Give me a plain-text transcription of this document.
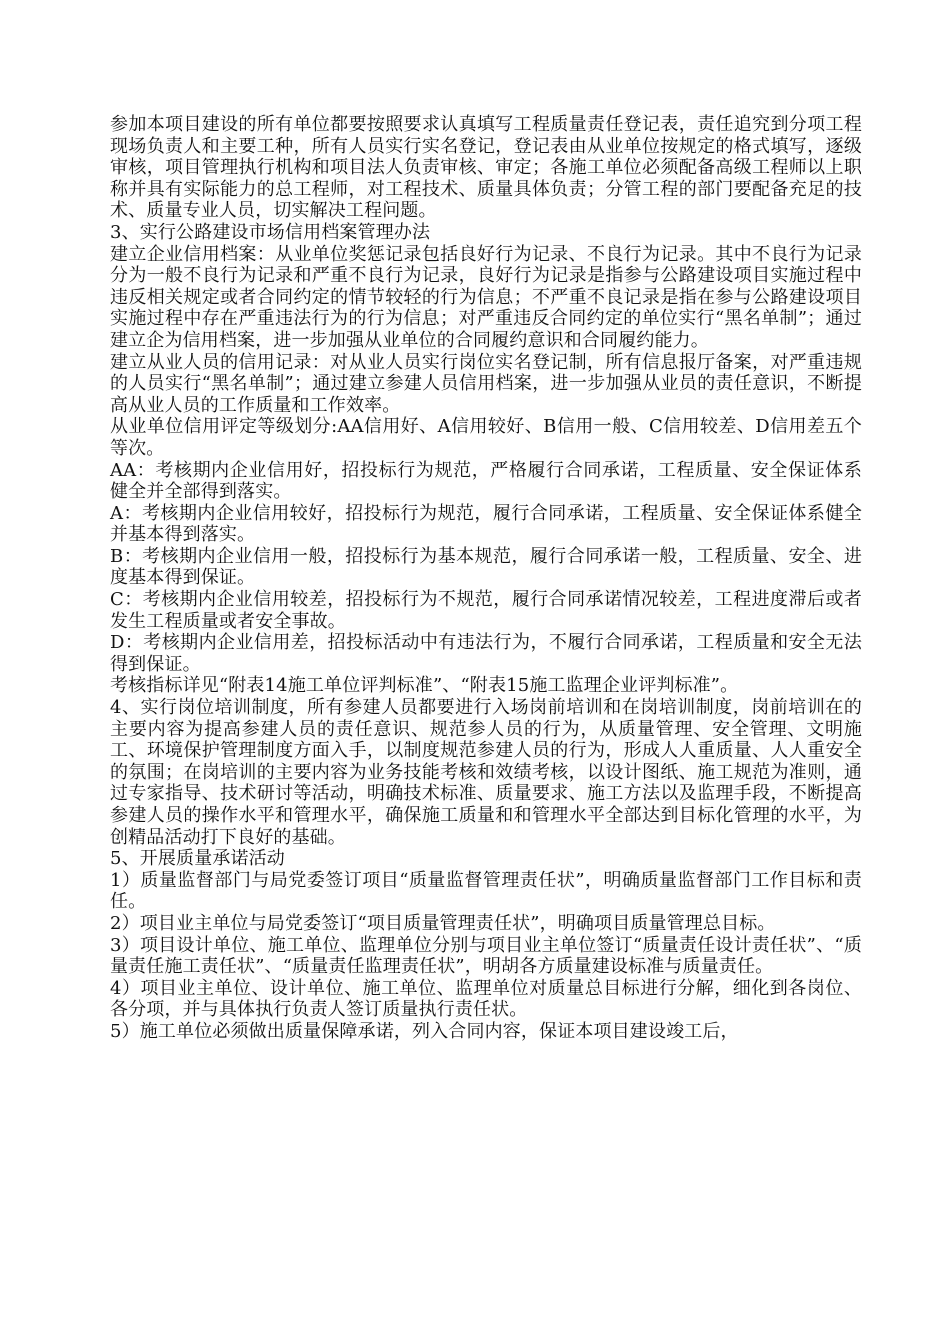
参加本项目建设的所有单位都要按照要求认真填写工程质量责任登记表，责任追究到分项工程现场负责人和主要工种，所有人员实行实名登记，登记表由从业单位按规定的格式填写，逐级审核，项目管理执行机构和项目法人负责审核、审定；各施工单位必须配备高级工程师以上职称并具有实际能力的总工程师，对工程技术、质量具体负责；分管工程的部门要配备充足的技术、质量专业人员，切实解决工程问题。

3、实行公路建设市场信用档案管理办法

建立企业信用档案：从业单位奖惩记录包括良好行为记录、不良行为记录。其中不良行为记录分为一般不良行为记录和严重不良行为记录，良好行为记录是指参与公路建设项目实施过程中违反相关规定或者合同约定的情节较轻的行为信息；不严重不良记录是指在参与公路建设项目实施过程中存在严重违法行为的行为信息；对严重违反合同约定的单位实行“黑名单制”；通过建立企为信用档案，进一步加强从业单位的合同履约意识和合同履约能力。

建立从业人员的信用记录：对从业人员实行岗位实名登记制，所有信息报厅备案，对严重违规的人员实行“黑名单制”；通过建立参建人员信用档案，进一步加强从业员的责任意识，不断提高从业人员的工作质量和工作效率。

从业单位信用评定等级划分:AA信用好、A信用较好、B信用一般、C信用较差、D信用差五个等次。

AA：考核期内企业信用好，招投标行为规范，严格履行合同承诺，工程质量、安全保证体系健全并全部得到落实。

A：考核期内企业信用较好，招投标行为规范，履行合同承诺，工程质量、安全保证体系健全并基本得到落实。

B：考核期内企业信用一般，招投标行为基本规范，履行合同承诺一般，工程质量、安全、进度基本得到保证。

C：考核期内企业信用较差，招投标行为不规范，履行合同承诺情况较差，工程进度滞后或者发生工程质量或者安全事故。

D：考核期内企业信用差，招投标活动中有违法行为，不履行合同承诺，工程质量和安全无法得到保证。

考核指标详见“附表14施工单位评判标准”、“附表15施工监理企业评判标准”。

4、实行岗位培训制度，所有参建人员都要进行入场岗前培训和在岗培训制度，岗前培训在的主要内容为提高参建人员的责任意识、规范参人员的行为，从质量管理、安全管理、文明施工、环境保护管理制度方面入手，以制度规范参建人员的行为，形成人人重质量、人人重安全的氛围；在岗培训的主要内容为业务技能考核和效绩考核，以设计图纸、施工规范为准则，通过专家指导、技术研讨等活动，明确技术标准、质量要求、施工方法以及监理手段，不断提高参建人员的操作水平和管理水平，确保施工质量和和管理水平全部达到目标化管理的水平，为创精品活动打下良好的基础。

5、开展质量承诺活动

1）质量监督部门与局党委签订项目“质量监督管理责任状”，明确质量监督部门工作目标和责任。

2）项目业主单位与局党委签订“项目质量管理责任状”，明确项目质量管理总目标。

3）项目设计单位、施工单位、监理单位分别与项目业主单位签订“质量责任设计责任状”、“质量责任施工责任状”、“质量责任监理责任状”，明胡各方质量建设标准与质量责任。

4）项目业主单位、设计单位、施工单位、监理单位对质量总目标进行分解，细化到各岗位、各分项，并与具体执行负责人签订质量执行责任状。

5）施工单位必须做出质量保障承诺，列入合同内容，保证本项目建设竣工后，
